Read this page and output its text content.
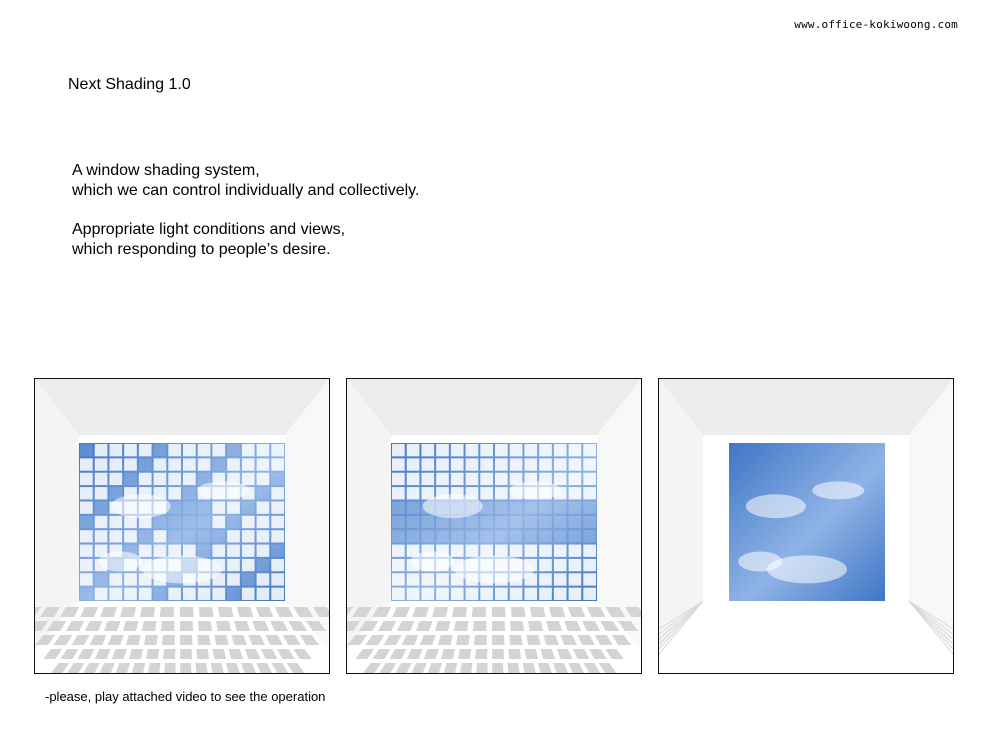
www.office-kokiwoong.com
Next Shading 1.0
A window shading system,
which we can control individually and collectively.
Appropriate light conditions and views,
which responding to people’s desire.
-please, play attached video to see the operation
